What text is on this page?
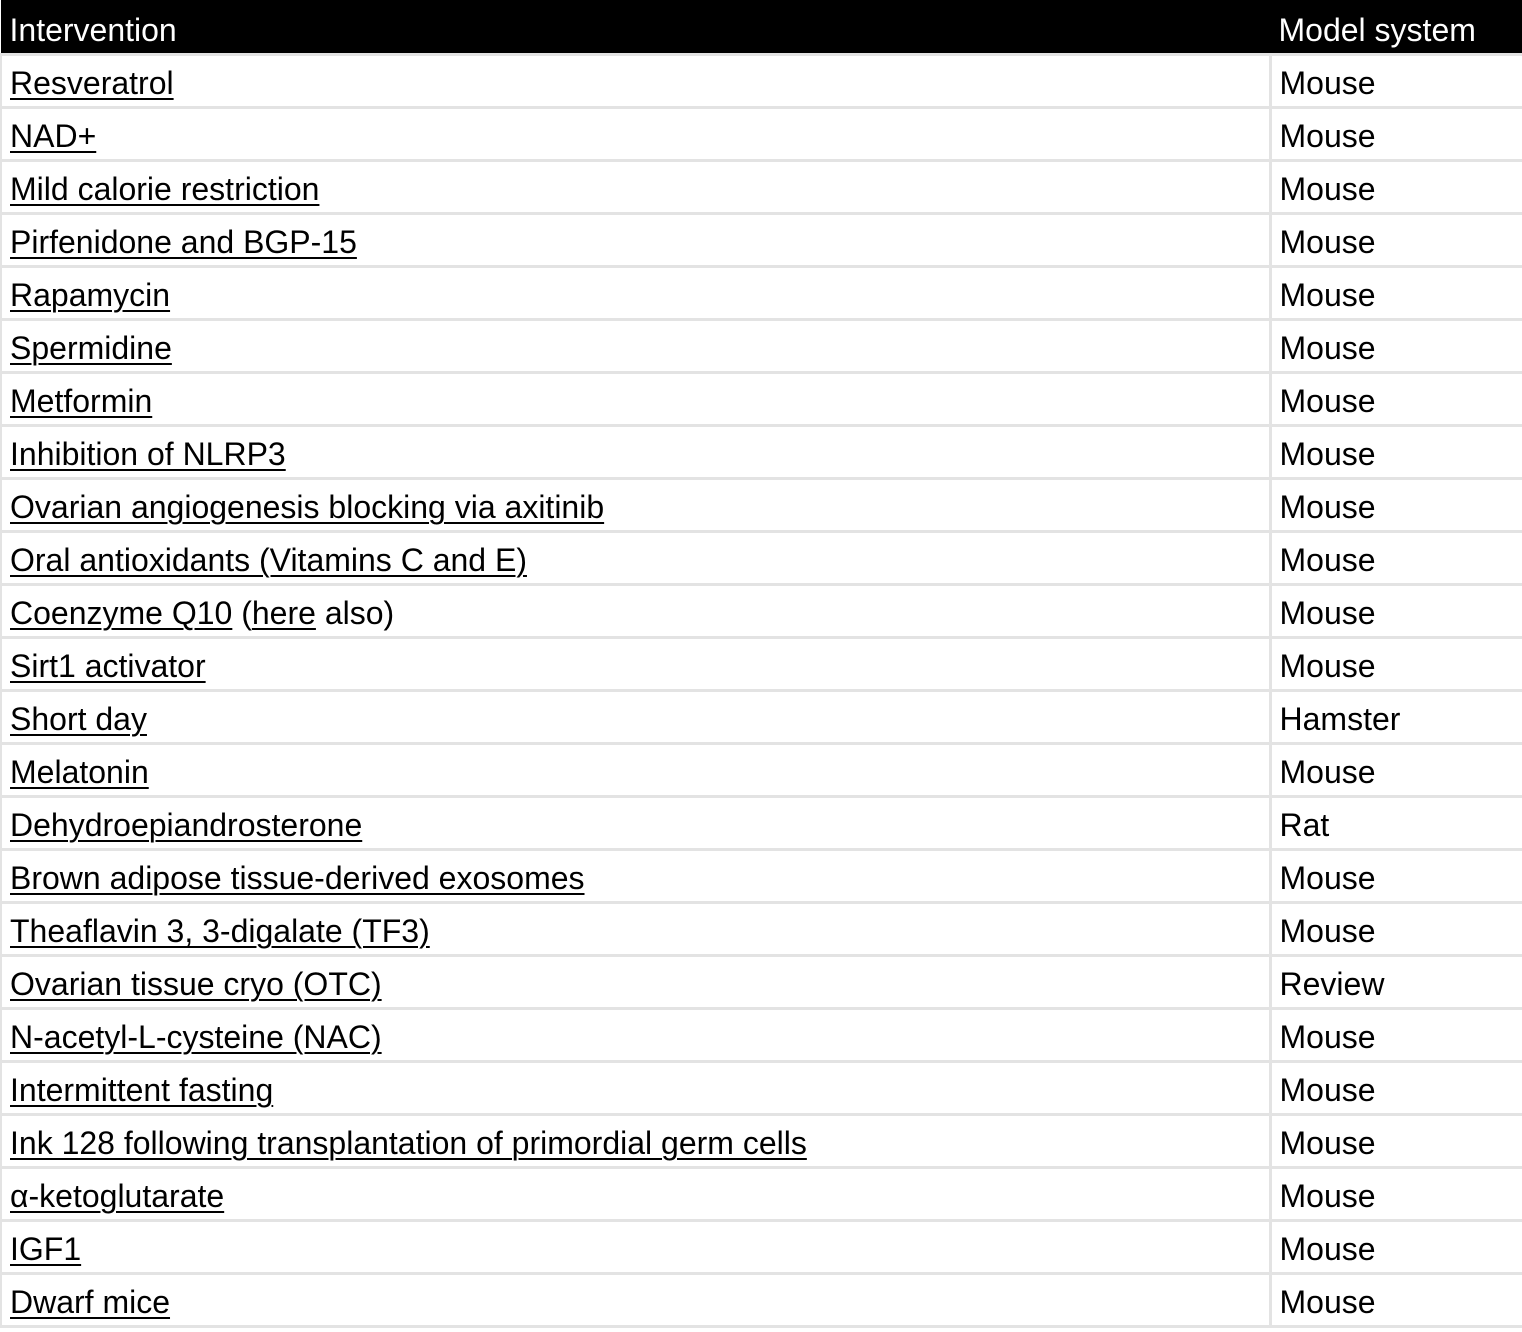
Intervention	Model system
Resveratrol	Mouse
NAD+	Mouse
Mild calorie restriction	Mouse
Pirfenidone and BGP-15	Mouse
Rapamycin	Mouse
Spermidine	Mouse
Metformin	Mouse
Inhibition of NLRP3	Mouse
Ovarian angiogenesis blocking via axitinib	Mouse
Oral antioxidants (Vitamins C and E)	Mouse
Coenzyme Q10 (here also)	Mouse
Sirt1 activator	Mouse
Short day	Hamster
Melatonin	Mouse
Dehydroepiandrosterone	Rat
Brown adipose tissue-derived exosomes	Mouse
Theaflavin 3, 3-digalate (TF3)	Mouse
Ovarian tissue cryo (OTC)	Review
N-acetyl-L-cysteine (NAC)	Mouse
Intermittent fasting	Mouse
Ink 128 following transplantation of primordial germ cells	Mouse
α-ketoglutarate	Mouse
IGF1	Mouse
Dwarf mice	Mouse
